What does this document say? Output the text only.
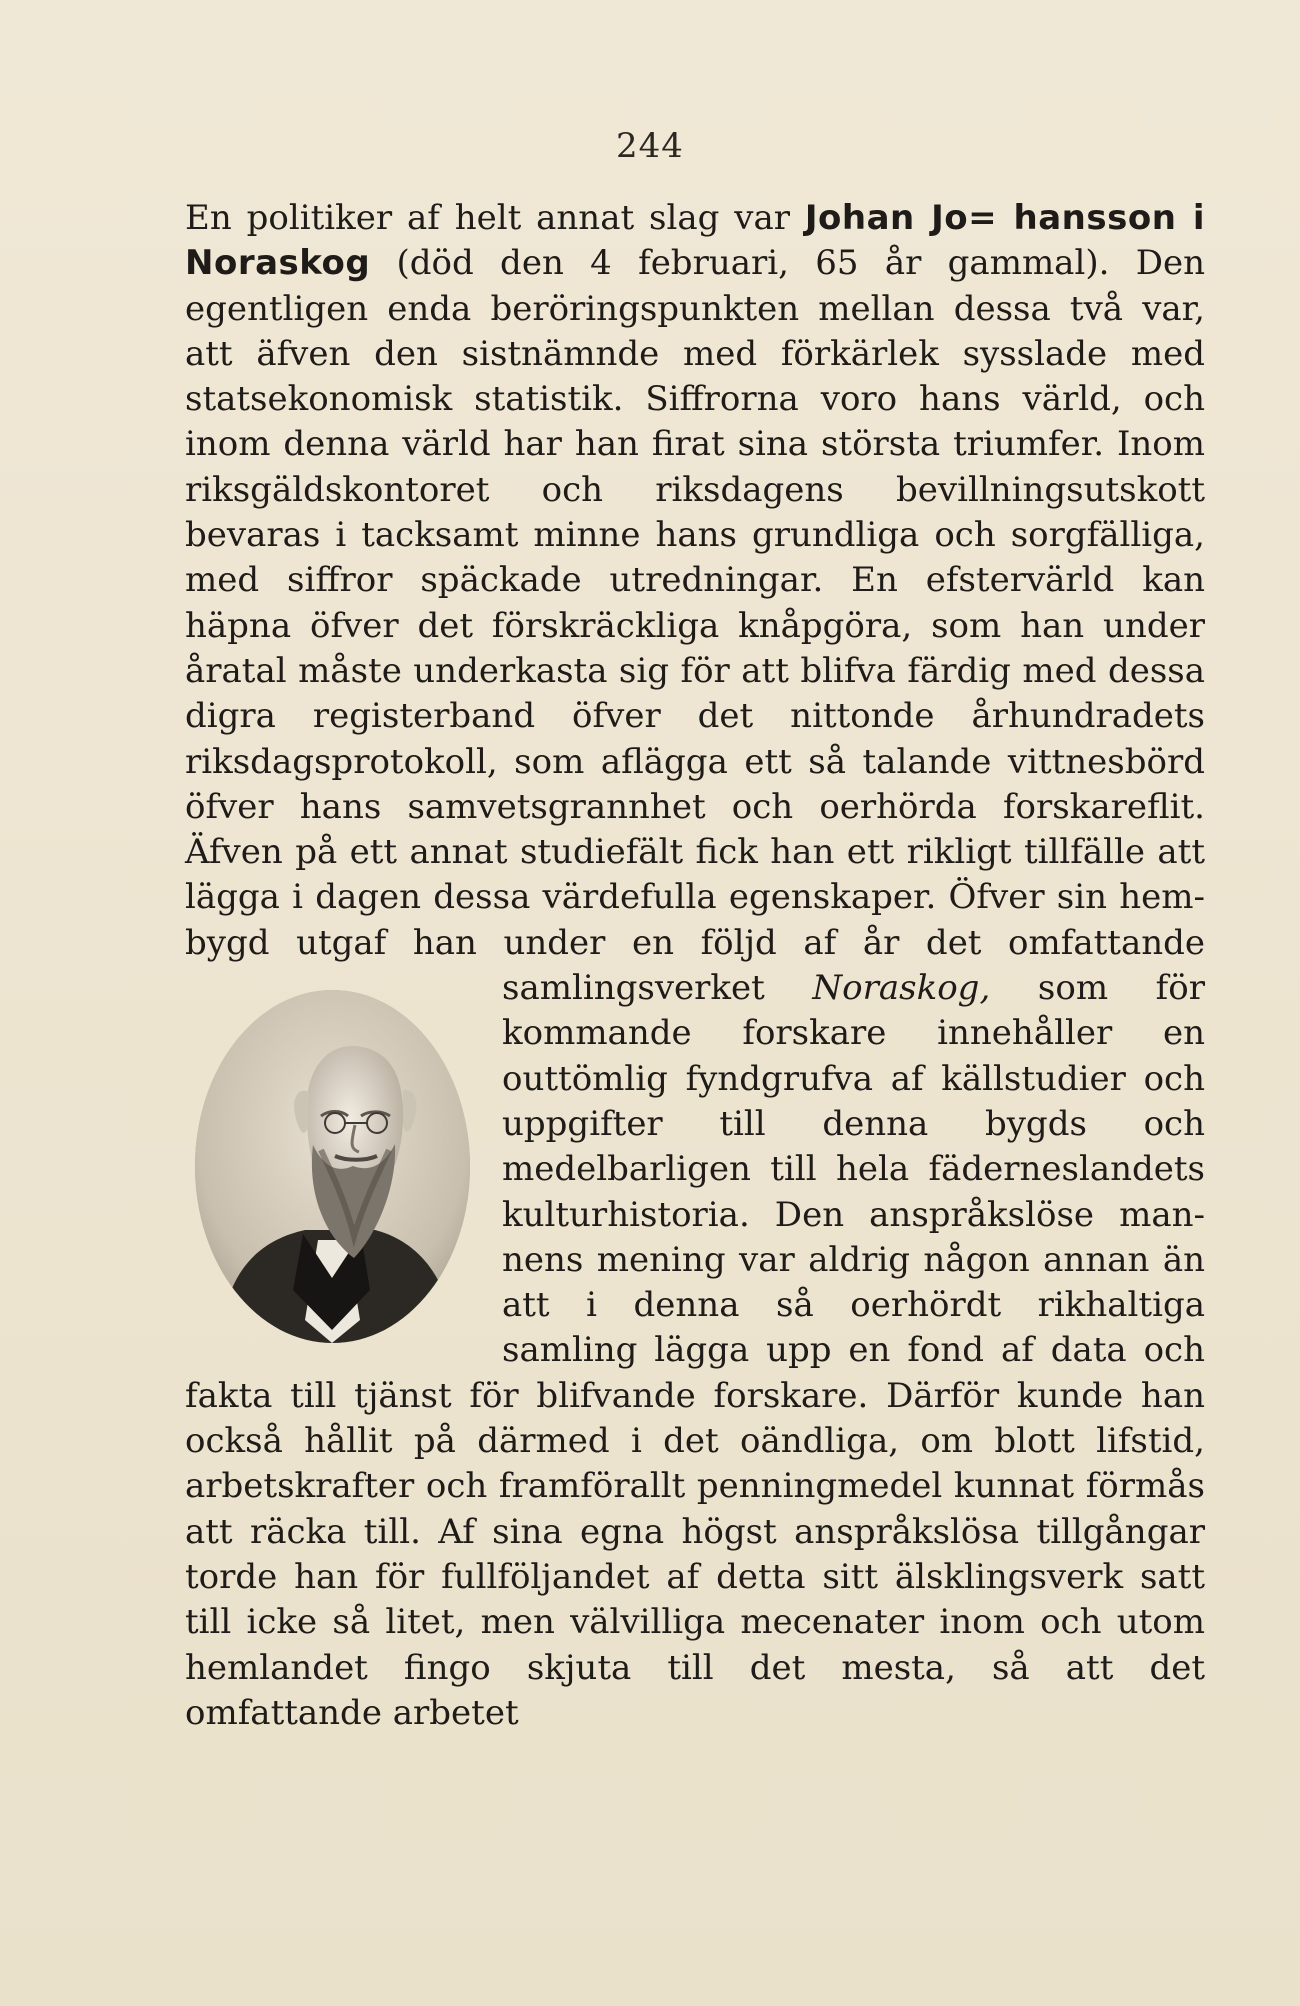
244
En politiker af helt annat slag var Johan Jo= hansson i Noraskog (död den 4 februari, 65 år gammal). Den egentligen enda beröringspunkten mellan dessa två var, att äfven den sistnämnde med förkärlek sysslade med statsekonomisk statistik. Siffrorna voro hans värld, och inom denna värld har han firat sina största triumfer. Inom riksgäldskontoret och riksdagens bevillningsutskott bevaras i tacksamt minne hans grundliga och sorgfälliga, med siffror späckade utredningar. En efstervärld kan häpna öfver det förskräckliga knåpgöra, som han under åratal måste underkasta sig för att blifva färdig med dessa digra registerband öfver det nittonde århundradets riksdagsprotokoll, som aflägga ett så talande vittnesbörd öfver hans samvetsgrannhet och oerhörda forskareflit. Äfven på ett annat studiefält fick han ett rikligt tillfälle att lägga i dagen dessa värdefulla egenskaper. Öfver sin hembygd utgaf han under en följd af år det omfattande samlingsverket
Noraskog, som för kommande forskare innehåller en outtömlig fyndgrufva af källstudier och uppgifter till denna bygds och medelbarligen till hela fäderneslandets kulturhistoria. Den anspråkslöse mannens mening var aldrig någon annan än att i denna så oerhördt rikhaltiga samling lägga upp en fond af data och fakta till tjänst för blifvande forskare. Därför kunde han också hållit på därmed i det oändliga, om blott lifstid, arbetskrafter och framförallt penningmedel kunnat förmås att räcka till. Af sina egna högst anspråkslösa tillgångar torde han för fullföljandet af detta sitt älsklingsverk satt till icke så litet, men välvilliga mecenater inom och utom hemlandet fingo skjuta till det mesta, så att det omfattande arbetet
